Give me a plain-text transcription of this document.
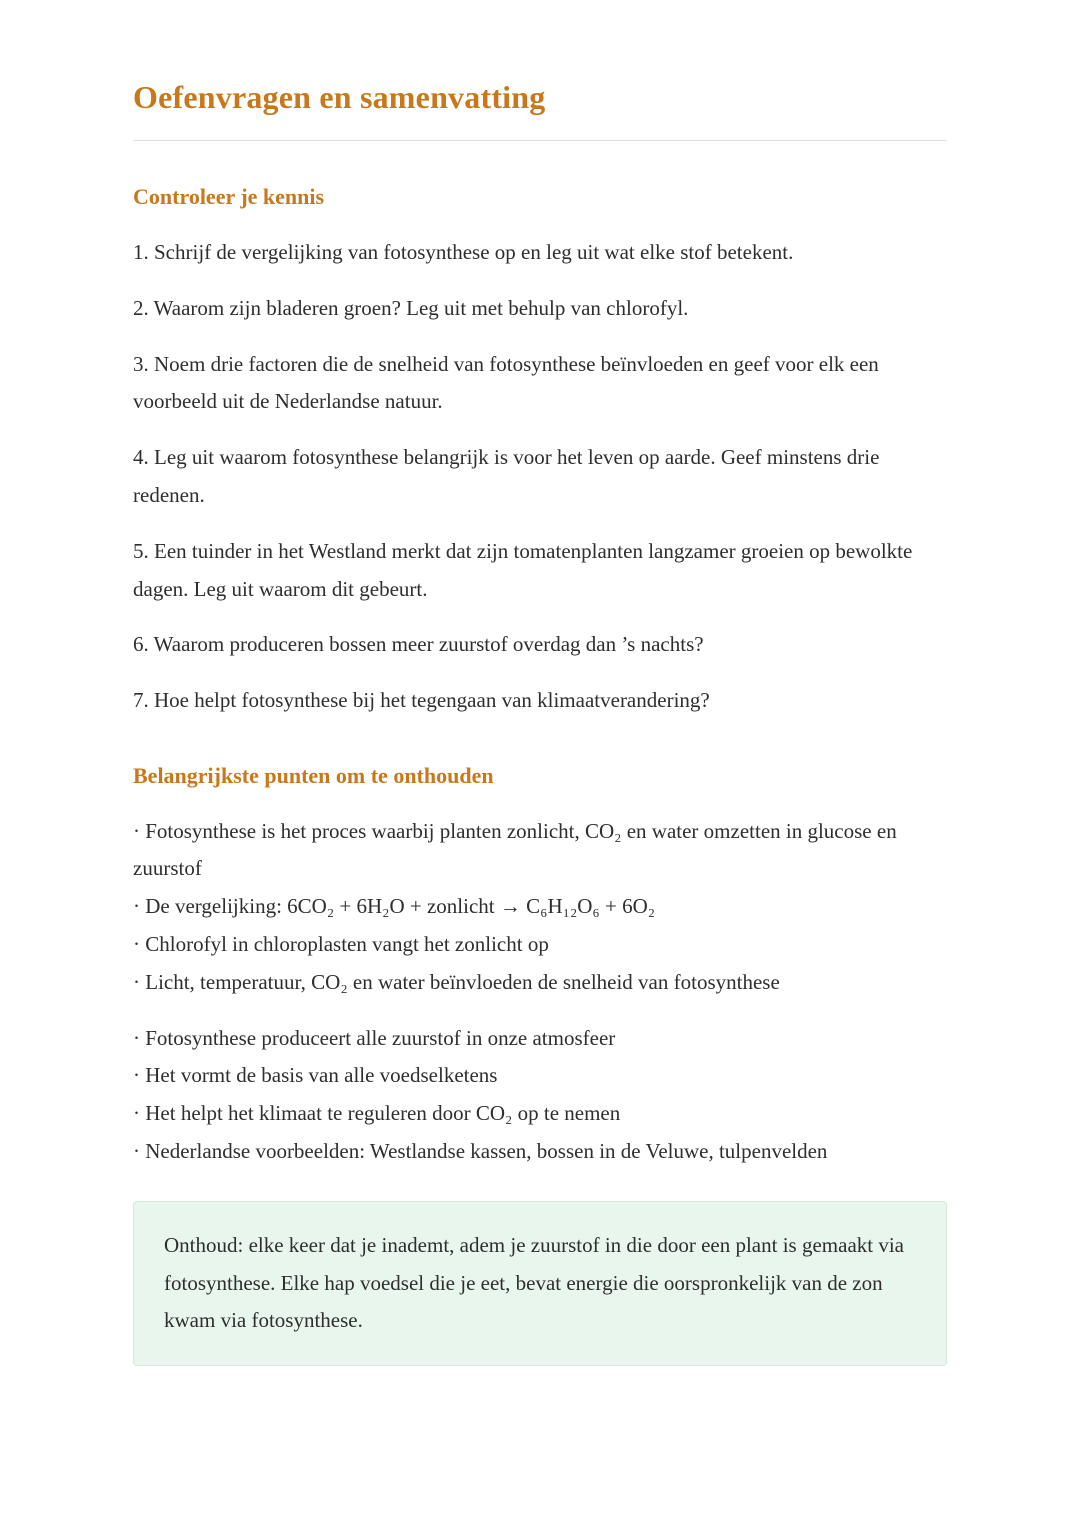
Oefenvragen en samenvatting
Controleer je kennis

1. Schrijf de vergelijking van fotosynthese op en leg uit wat elke stof betekent.

2. Waarom zijn bladeren groen? Leg uit met behulp van chlorofyl.

3. Noem drie factoren die de snelheid van fotosynthese beïnvloeden en geef voor elk een voorbeeld uit de Nederlandse natuur.

4. Leg uit waarom fotosynthese belangrijk is voor het leven op aarde. Geef minstens drie redenen.

5. Een tuinder in het Westland merkt dat zijn tomatenplanten langzamer groeien op bewolkte dagen. Leg uit waarom dit gebeurt.

6. Waarom produceren bossen meer zuurstof overdag dan ’s nachts?

7. Hoe helpt fotosynthese bij het tegengaan van klimaatverandering?

Belangrijkste punten om te onthouden

· Fotosynthese is het proces waarbij planten zonlicht, CO₂ en water omzetten in glucose en zuurstof

· De vergelijking: 6CO₂ + 6H₂O + zonlicht → C₆H₁₂O₆ + 6O₂

· Chlorofyl in chloroplasten vangt het zonlicht op

· Licht, temperatuur, CO₂ en water beïnvloeden de snelheid van fotosynthese

· Fotosynthese produceert alle zuurstof in onze atmosfeer

· Het vormt de basis van alle voedselketens

· Het helpt het klimaat te reguleren door CO₂ op te nemen

· Nederlandse voorbeelden: Westlandse kassen, bossen in de Veluwe, tulpenvelden

Onthoud: elke keer dat je inademt, adem je zuurstof in die door een plant is gemaakt via fotosynthese. Elke hap voedsel die je eet, bevat energie die oorspronkelijk van de zon kwam via fotosynthese.
